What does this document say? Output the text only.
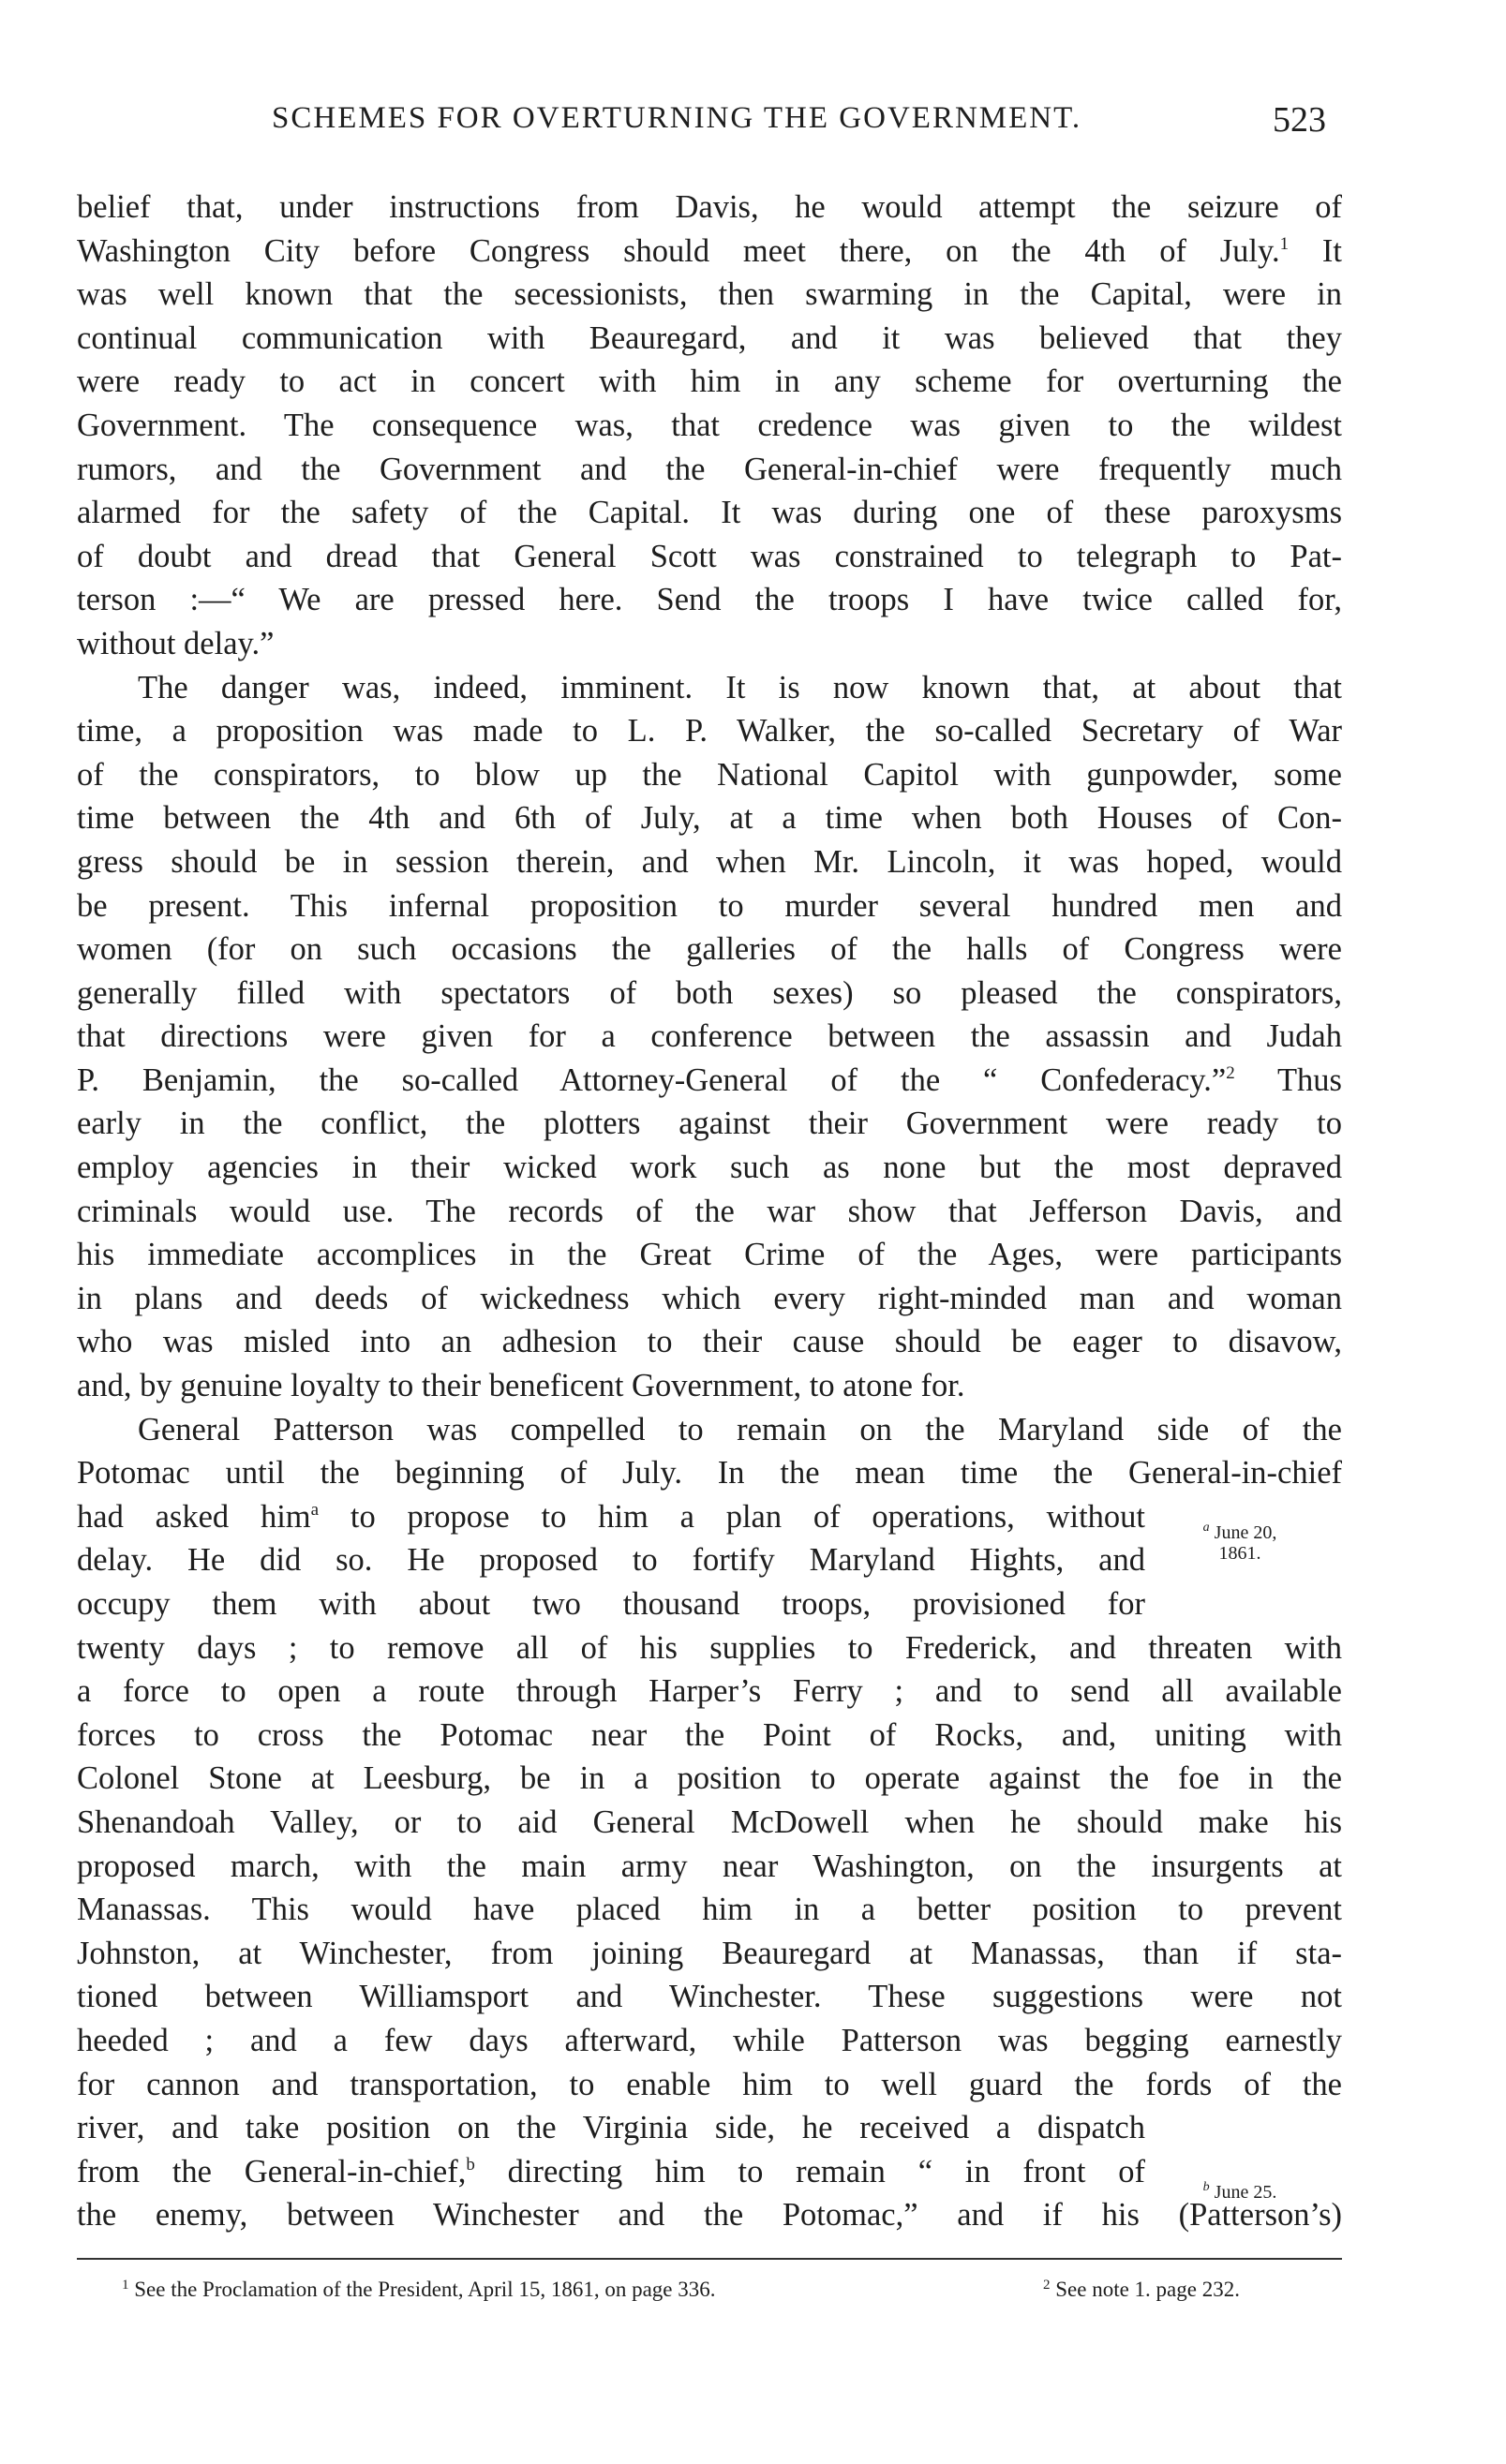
SCHEMES FOR OVERTURNING THE GOVERNMENT.	523
belief that, under instructions from Davis, he would attempt the seizure of
Washington City before Congress should meet there, on the 4th of July.$^1$ It
was well known that the secessionists, then swarming in the Capital, were in
continual communication with Beauregard, and it was believed that they
were ready to act in concert with him in any scheme for overturning the
Government. The consequence was, that credence was given to the wildest
rumors, and the Government and the General-in-chief were frequently much
alarmed for the safety of the Capital. It was during one of these paroxysms
of doubt and dread that General Scott was constrained to telegraph to Pat-
terson :—“ We are pressed here. Send the troops I have twice called for,
without delay.”
The danger was, indeed, imminent. It is now known that, at about that
time, a proposition was made to L. P. Walker, the so-called Secretary of War
of the conspirators, to blow up the National Capitol with gunpowder, some
time between the 4th and 6th of July, at a time when both Houses of Con-
gress should be in session therein, and when Mr. Lincoln, it was hoped, would
be present. This infernal proposition to murder several hundred men and
women (for on such occasions the galleries of the halls of Congress were
generally filled with spectators of both sexes) so pleased the conspirators,
that directions were given for a conference between the assassin and Judah
P. Benjamin, the so-called Attorney-General of the “ Confederacy.”$^2$ Thus
early in the conflict, the plotters against their Government were ready to
employ agencies in their wicked work such as none but the most depraved
criminals would use. The records of the war show that Jefferson Davis, and
his immediate accomplices in the Great Crime of the Ages, were participants
in plans and deeds of wickedness which every right-minded man and woman
who was misled into an adhesion to their cause should be eager to disavow,
and, by genuine loyalty to their beneficent Government, to atone for.
General Patterson was compelled to remain on the Maryland side of the
Potomac until the beginning of July. In the mean time the General-in-chief
had asked him$^a$ to propose to him a plan of operations, without
delay. He did so. He proposed to fortify Maryland Hights, and
occupy them with about two thousand troops, provisioned for
twenty days ; to remove all of his supplies to Frederick, and threaten with
a force to open a route through Harper’s Ferry ; and to send all available
forces to cross the Potomac near the Point of Rocks, and, uniting with
Colonel Stone at Leesburg, be in a position to operate against the foe in the
Shenandoah Valley, or to aid General McDowell when he should make his
proposed march, with the main army near Washington, on the insurgents at
Manassas. This would have placed him in a better position to prevent
Johnston, at Winchester, from joining Beauregard at Manassas, than if sta-
tioned between Williamsport and Winchester. These suggestions were not
heeded ; and a few days afterward, while Patterson was begging earnestly
for cannon and transportation, to enable him to well guard the fords of the
river, and take position on the Virginia side, he received a dispatch
from the General-in-chief,$^b$ directing him to remain “ in front of
the enemy, between Winchester and the Potomac,” and if his (Patterson’s)
$^a$ June 20,
1861.
$^b$ June 25.
$^1$ See the Proclamation of the President, April 15, 1861, on page 336.	$^2$ See note 1. page 232.
